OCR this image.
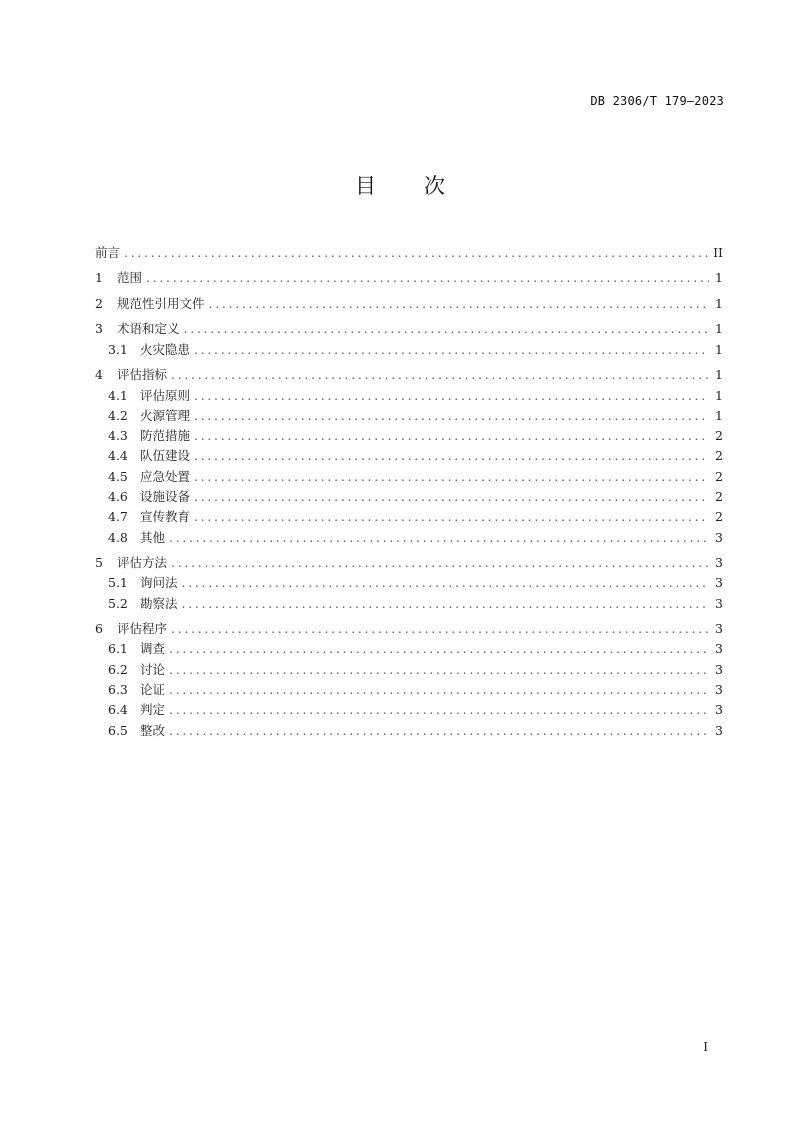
DB 2306/T 179—2023
目 次
前言 .....	II
1	范围 .....	1
2	规范性引用文件 .....	1
3	术语和定义 .....	1
3.1 火灾隐患 .....	1
4	评估指标 .....	1
4.1 评估原则 .....	1
4.2 火源管理 .....	1
4.3 防范措施 .....	2
4.4 队伍建设 .....	2
4.5 应急处置 .....	2
4.6 设施设备 .....	2
4.7 宣传教育 .....	2
4.8 其他 .....	3
5	评估方法 .....	3
5.1 询问法 .....	3
5.2 勘察法 .....	3
6	评估程序 .....	3
6.1 调查 .....	3
6.2 讨论 .....	3
6.3 论证 .....	3
6.4 判定 .....	3
6.5 整改 .....	3
I
